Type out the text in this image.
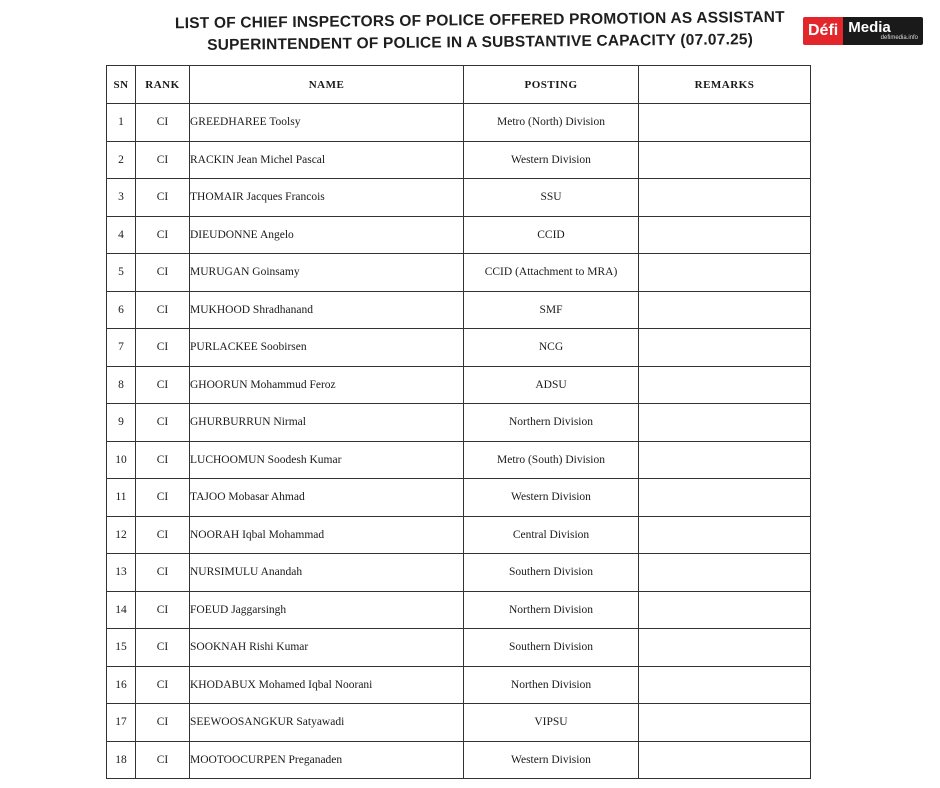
LIST OF CHIEF INSPECTORS OF POLICE OFFERED PROMOTION AS ASSISTANT
SUPERINTENDENT OF POLICE IN A SUBSTANTIVE CAPACITY (07.07.25)
Défi Media
defimedia.info
SN	RANK	NAME	POSTING	REMARKS
1	CI	GREEDHAREE Toolsy	Metro (North) Division	
2	CI	RACKIN Jean Michel Pascal	Western Division	
3	CI	THOMAIR Jacques Francois	SSU	
4	CI	DIEUDONNE Angelo	CCID	
5	CI	MURUGAN Goinsamy	CCID (Attachment to MRA)	
6	CI	MUKHOOD Shradhanand	SMF	
7	CI	PURLACKEE Soobirsen	NCG	
8	CI	GHOORUN Mohammud Feroz	ADSU	
9	CI	GHURBURRUN Nirmal	Northern Division	
10	CI	LUCHOOMUN Soodesh Kumar	Metro (South) Division	
11	CI	TAJOO Mobasar Ahmad	Western Division	
12	CI	NOORAH Iqbal Mohammad	Central Division	
13	CI	NURSIMULU Anandah	Southern Division	
14	CI	FOEUD Jaggarsingh	Northern Division	
15	CI	SOOKNAH Rishi Kumar	Southern Division	
16	CI	KHODABUX Mohamed Iqbal Noorani	Northen Division	
17	CI	SEEWOOSANGKUR Satyawadi	VIPSU	
18	CI	MOOTOOCURPEN Preganaden	Western Division	
